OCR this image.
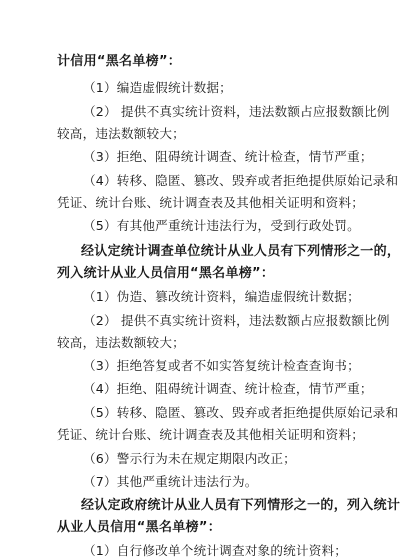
计信用“黑名单榜”：
（1）编造虚假统计数据；
（2） 提供不真实统计资料，违法数额占应报数额比例
较高，违法数额较大；
（3）拒绝、阻碍统计调查、统计检查，情节严重；
（4）转移、隐匿、篡改、毁弃或者拒绝提供原始记录和
凭证、统计台账、统计调查表及其他相关证明和资料；
（5）有其他严重统计违法行为，受到行政处罚。
经认定统计调查单位统计从业人员有下列情形之一的，
列入统计从业人员信用“黑名单榜”：
（1）伪造、篡改统计资料，编造虚假统计数据；
（2） 提供不真实统计资料，违法数额占应报数额比例
较高，违法数额较大；
（3）拒绝答复或者不如实答复统计检查查询书；
（4）拒绝、阻碍统计调查、统计检查，情节严重；
（5）转移、隐匿、篡改、毁弃或者拒绝提供原始记录和
凭证、统计台账、统计调查表及其他相关证明和资料；
（6）警示行为未在规定期限内改正；
（7）其他严重统计违法行为。
经认定政府统计从业人员有下列情形之一的，列入统计
从业人员信用“黑名单榜”：
（1）自行修改单个统计调查对象的统计资料；
